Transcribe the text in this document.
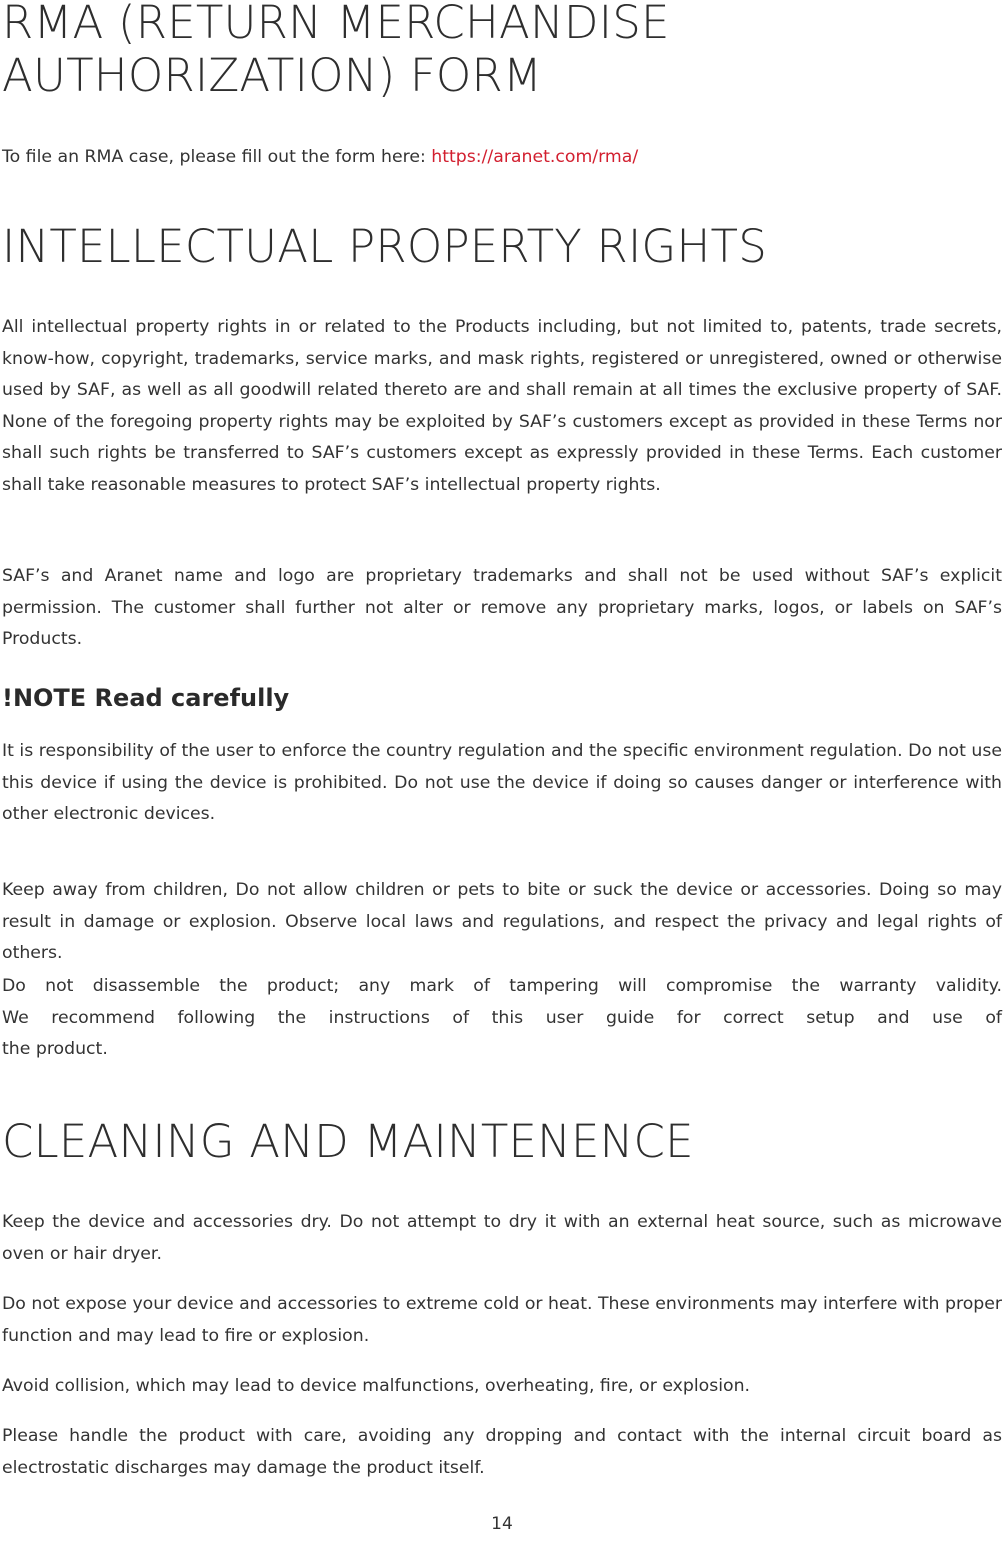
RMA (RETURN MERCHANDISE
AUTHORIZATION) FORM

To file an RMA case, please fill out the form here: https://aranet.com/rma/

INTELLECTUAL PROPERTY RIGHTS

All intellectual property rights in or related to the Products including, but not limited to, patents, trade secrets, know-how, copyright, trademarks, service marks, and mask rights, registered or unregistered, owned or otherwise used by SAF, as well as all goodwill related thereto are and shall remain at all times the exclusive property of SAF. None of the foregoing property rights may be exploited by SAF’s customers except as provided in these Terms nor shall such rights be transferred to SAF’s customers except as expressly provided in these Terms. Each customer shall take reasonable measures to protect SAF’s intellectual property rights.

SAF’s and Aranet name and logo are proprietary trademarks and shall not be used without SAF’s explicit permission. The customer shall further not alter or remove any proprietary marks, logos, or labels on SAF’s Products.

!NOTE Read carefully

It is responsibility of the user to enforce the country regulation and the specific environment regulation. Do not use this device if using the device is prohibited. Do not use the device if doing so causes danger or interference with other electronic devices.

Keep away from children, Do not allow children or pets to bite or suck the device or accessories. Doing so may result in damage or explosion. Observe local laws and regulations, and respect the privacy and legal rights of others.

Do not disassemble the product; any mark of tampering will compromise the warranty validity.

We recommend following the instructions of this user guide for correct setup and use of

the product.

CLEANING AND MAINTENENCE

Keep the device and accessories dry. Do not attempt to dry it with an external heat source, such as microwave oven or hair dryer.

Do not expose your device and accessories to extreme cold or heat. These environments may interfere with proper function and may lead to fire or explosion.

Avoid collision, which may lead to device malfunctions, overheating, fire, or explosion.

Please handle the product with care, avoiding any dropping and contact with the internal circuit board as electrostatic discharges may damage the product itself.

14
